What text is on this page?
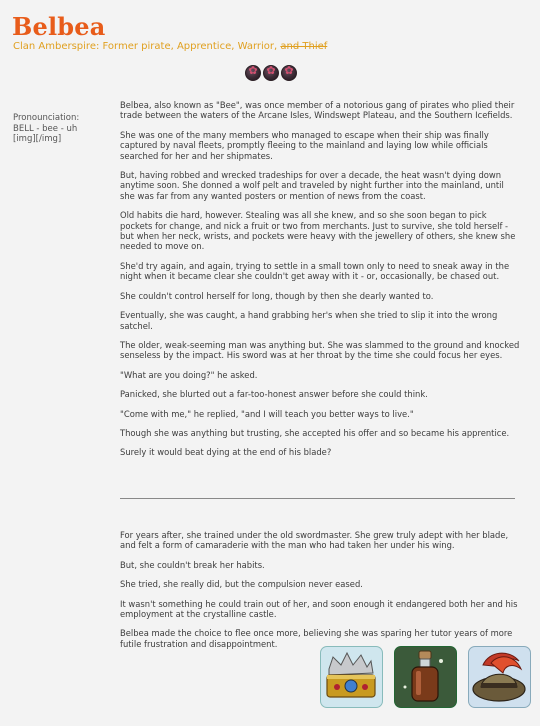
Belbea
Clan Amberspire: Former pirate, Apprentice, Warrior, and Thief
✿
✿
✿
Pronounciation:
BELL - bee - uh
[img][/img]

Belbea, also known as "Bee", was once member of a notorious gang of pirates who plied their trade between the waters of the Arcane Isles, Windswept Plateau, and the Southern Icefields.

She was one of the many members who managed to escape when their ship was finally captured by naval fleets, promptly fleeing to the mainland and laying low while officials searched for her and her shipmates.

But, having robbed and wrecked tradeships for over a decade, the heat wasn't dying down anytime soon. She donned a wolf pelt and traveled by night further into the mainland, until she was far from any wanted posters or mention of news from the coast.

Old habits die hard, however. Stealing was all she knew, and so she soon began to pick pockets for change, and nick a fruit or two from merchants. Just to survive, she told herself - but when her neck, wrists, and pockets were heavy with the jewellery of others, she knew she needed to move on.

She'd try again, and again, trying to settle in a small town only to need to sneak away in the night when it became clear she couldn't get away with it - or, occasionally, be chased out.

She couldn't control herself for long, though by then she dearly wanted to.

Eventually, she was caught, a hand grabbing her's when she tried to slip it into the wrong satchel.

The older, weak-seeming man was anything but. She was slammed to the ground and knocked senseless by the impact. His sword was at her throat by the time she could focus her eyes.

"What are you doing?" he asked.

Panicked, she blurted out a far-too-honest answer before she could think.

"Come with me," he replied, "and I will teach you better ways to live."

Though she was anything but trusting, she accepted his offer and so became his apprentice.

Surely it would beat dying at the end of his blade?

For years after, she trained under the old swordmaster. She grew truly adept with her blade, and felt a form of camaraderie with the man who had taken her under his wing.

But, she couldn't break her habits.

She tried, she really did, but the compulsion never eased.

It wasn't something he could train out of her, and soon enough it endangered both her and his employment at the crystalline castle.

Belbea made the choice to flee once more, believing she was sparing her tutor years of more futile frustration and disappointment.
